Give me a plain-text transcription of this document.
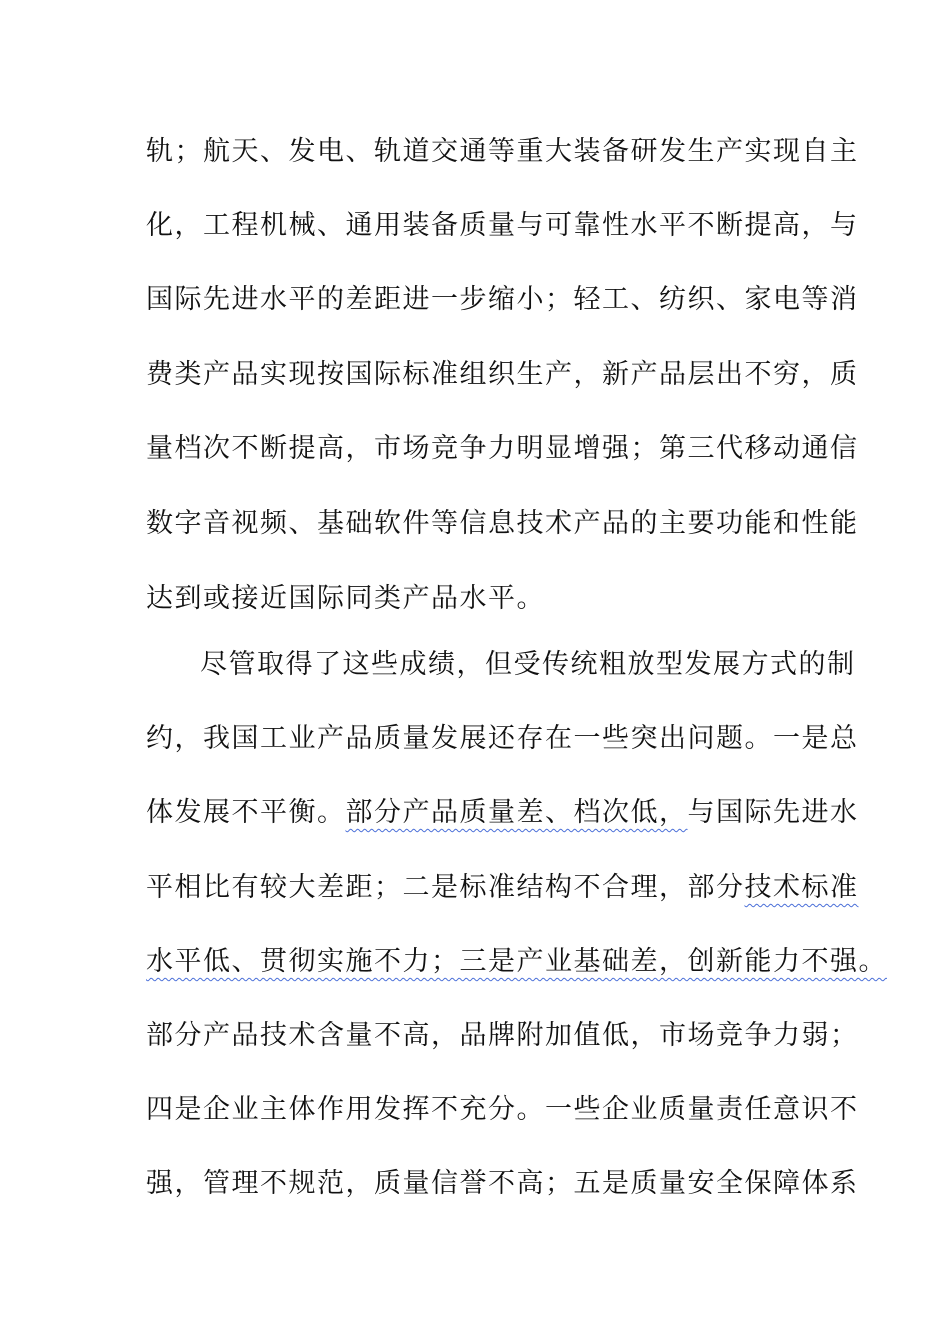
轨；航天、发电、轨道交通等重大装备研发生产实现自主
化，工程机械、通用装备质量与可靠性水平不断提高，与
国际先进水平的差距进一步缩小；轻工、纺织、家电等消
费类产品实现按国际标准组织生产，新产品层出不穷，质
量档次不断提高，市场竞争力明显增强；第三代移动通信
数字音视频、基础软件等信息技术产品的主要功能和性能
达到或接近国际同类产品水平。
尽管取得了这些成绩，但受传统粗放型发展方式的制
约，我国工业产品质量发展还存在一些突出问题。一是总
体发展不平衡。部分产品质量差、档次低，与国际先进水
平相比有较大差距；二是标准结构不合理，部分技术标准
水平低、贯彻实施不力；三是产业基础差，创新能力不强。
部分产品技术含量不高，品牌附加值低，市场竞争力弱；
四是企业主体作用发挥不充分。一些企业质量责任意识不
强，管理不规范，质量信誉不高；五是质量安全保障体系
